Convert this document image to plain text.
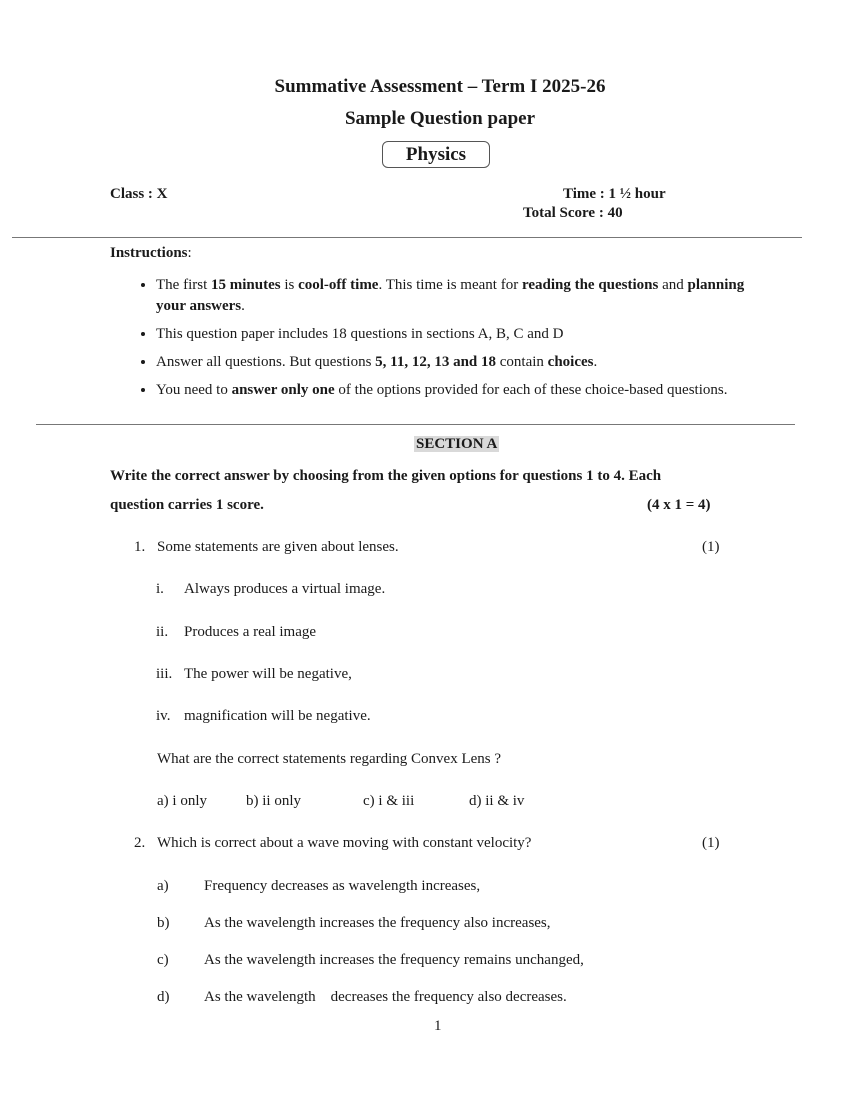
Summative Assessment – Term I 2025-26
Sample Question paper
Physics
Class : X	Time : 1 ½ hour
Total Score : 40
Instructions:
• The first 15 minutes is cool-off time. This time is meant for reading the questions and planning your answers.
• This question paper includes 18 questions in sections A, B, C and D
• Answer all questions. But questions 5, 11, 12, 13 and 18 contain choices.
• You need to answer only one of the options provided for each of these choice-based questions.
SECTION A
Write the correct answer by choosing from the given options for questions 1 to 4. Each
question carries 1 score.	(4 x 1 = 4)
1. Some statements are given about lenses.	(1)
i. Always produces a virtual image.
ii. Produces a real image
iii. The power will be negative,
iv. magnification will be negative.
What are the correct statements regarding Convex Lens ?
a) i only	b) ii only	c) i & iii	d) ii & iv
2. Which is correct about a wave moving with constant velocity?	(1)
a) Frequency decreases as wavelength increases,
b) As the wavelength increases the frequency also increases,
c) As the wavelength increases the frequency remains unchanged,
d) As the wavelength    decreases the frequency also decreases.
1
